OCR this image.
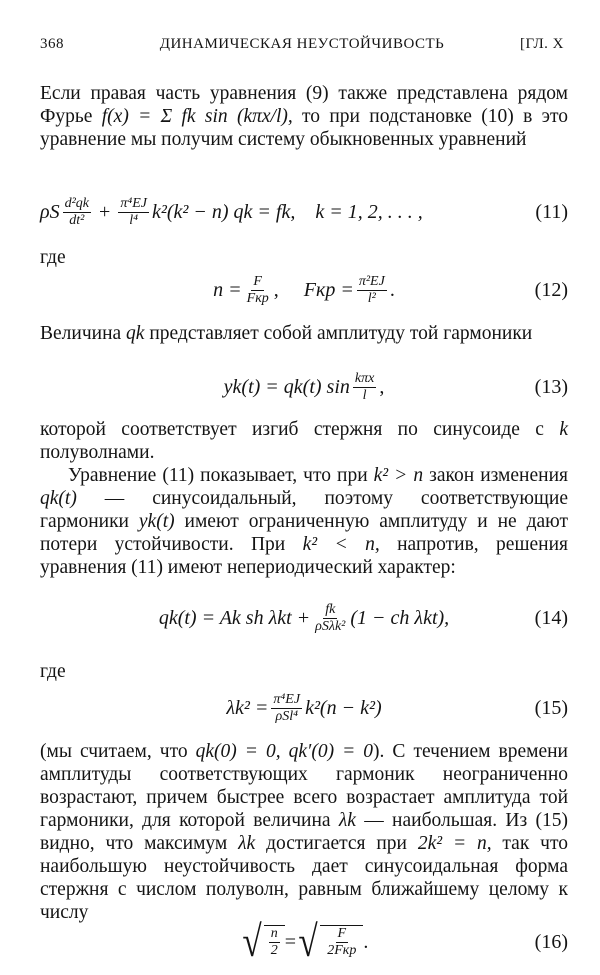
368	ДИНАМИЧЕСКАЯ НЕУСТОЙЧИВОСТЬ	[ГЛ. X

Если правая часть уравнения (9) также представлена рядом Фурье f(x) = Σ fk sin (kπx/l), то при подстановке (10) в это уравнение мы получим систему обыкновенных уравнений

ρS $\frac{\text{d²qk}}{\text{dt²}} + \frac{\text{π⁴EJ}}{\text{l⁴}} k^2(k^2 - n)$ qk = fk,
k = 1, 2, . . . ,	(11)

где

$n = \frac{F}{\text{Fкр}}$ , Fкр = $\frac{\text{π²EJ}}{\text{l²}}$ .	(12)

Величина qk представляет собой амплитуду той гармоники

yk(t) = qk(t) $\sin \frac{\text{kπx}}{l}$ ,	(13)

которой соответствует изгиб стержня по синусоиде с k полуволнами.

Уравнение (11) показывает, что при k² > n закон изменения qk(t) — синусоидальный, поэтому соответствующие гармоники yk(t) имеют ограниченную амплитуду и не дают потери устойчивости. При k² < n, напротив, решения уравнения (11) имеют непериодический характер:

qk(t) = Ak sh $\lambda kt + \frac{fk}{\text{ρSλk²}} (1$ − ch λkt),	(14)

где

$\lambda k^2 = \frac{\text{π⁴EJ}}{\text{ρSl⁴}} k^2(n - k^2)$	(15)

(мы считаем, что qk(0) = 0, qk′(0) = 0). С течением времени амплитуды соответствующих гармоник неограниченно возрастают, причем быстрее всего возрастает амплитуда той гармоники, для которой величина λk — наибольшая. Из (15) видно, что максимум λk достигается при 2k² = n, так что наибольшую неустойчивость дает синусоидальная форма стержня с числом полуволн, равным ближайшему целому к числу

√ $\frac{n}{2}$ = √ $\frac{F}{\text{2Fкр}}$ .	(16)
